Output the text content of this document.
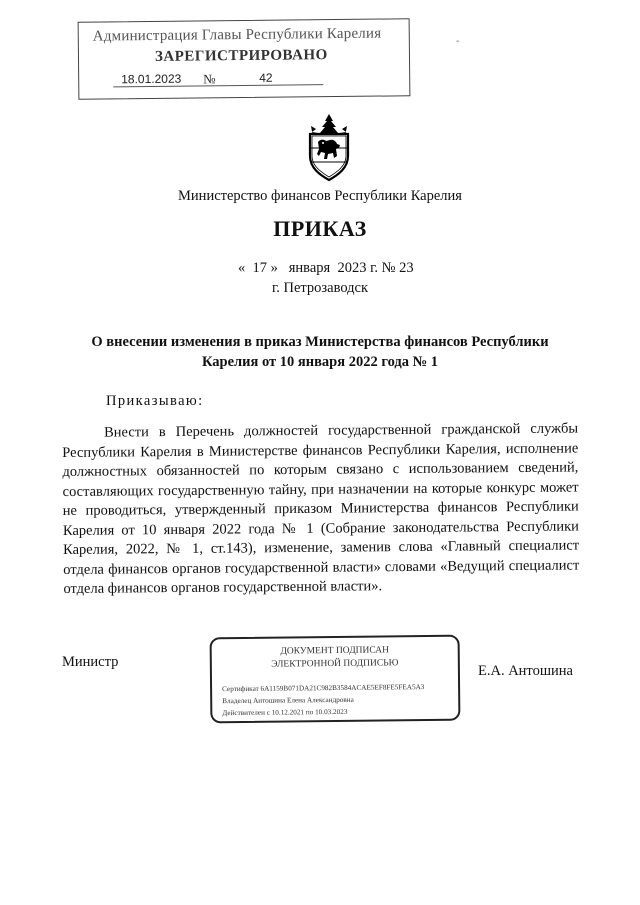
Администрация Главы Республики Карелия
ЗАРЕГИСТРИРОВАНО
18.01.2023 №	42
-
Министерство финансов Республики Карелия
ПРИКАЗ
«  17 »   января  2023 г. № 23
г. Петрозаводск
О внесении изменения в приказ Министерства финансов Республики Карелия от 10 января 2022 года № 1
Приказываю:
Внести в Перечень должностей государственной гражданской службы Республики Карелия в Министерстве финансов Республики Карелия, исполнение должностных обязанностей по которым связано с использованием сведений, составляющих государственную тайну, при назначении на которые конкурс может не проводиться, утвержденный приказом Министерства финансов Республики Карелия от 10 января 2022 года № 1 (Собрание законодательства Республики Карелия, 2022, № 1, ст.143), изменение, заменив слова «Главный специалист отдела финансов органов государственной власти» словами «Ведущий специалист отдела финансов органов государственной власти».
Министр
Е.А. Антошина
ДОКУМЕНТ ПОДПИСАН
ЭЛЕКТРОННОЙ ПОДПИСЬЮ
Сертификат 6A1159B071DA21C982B3584ACAE5EF8FE5FEA5A3
Владелец Антошина Елена Александровна
Действителен с 10.12.2021 по 10.03.2023
